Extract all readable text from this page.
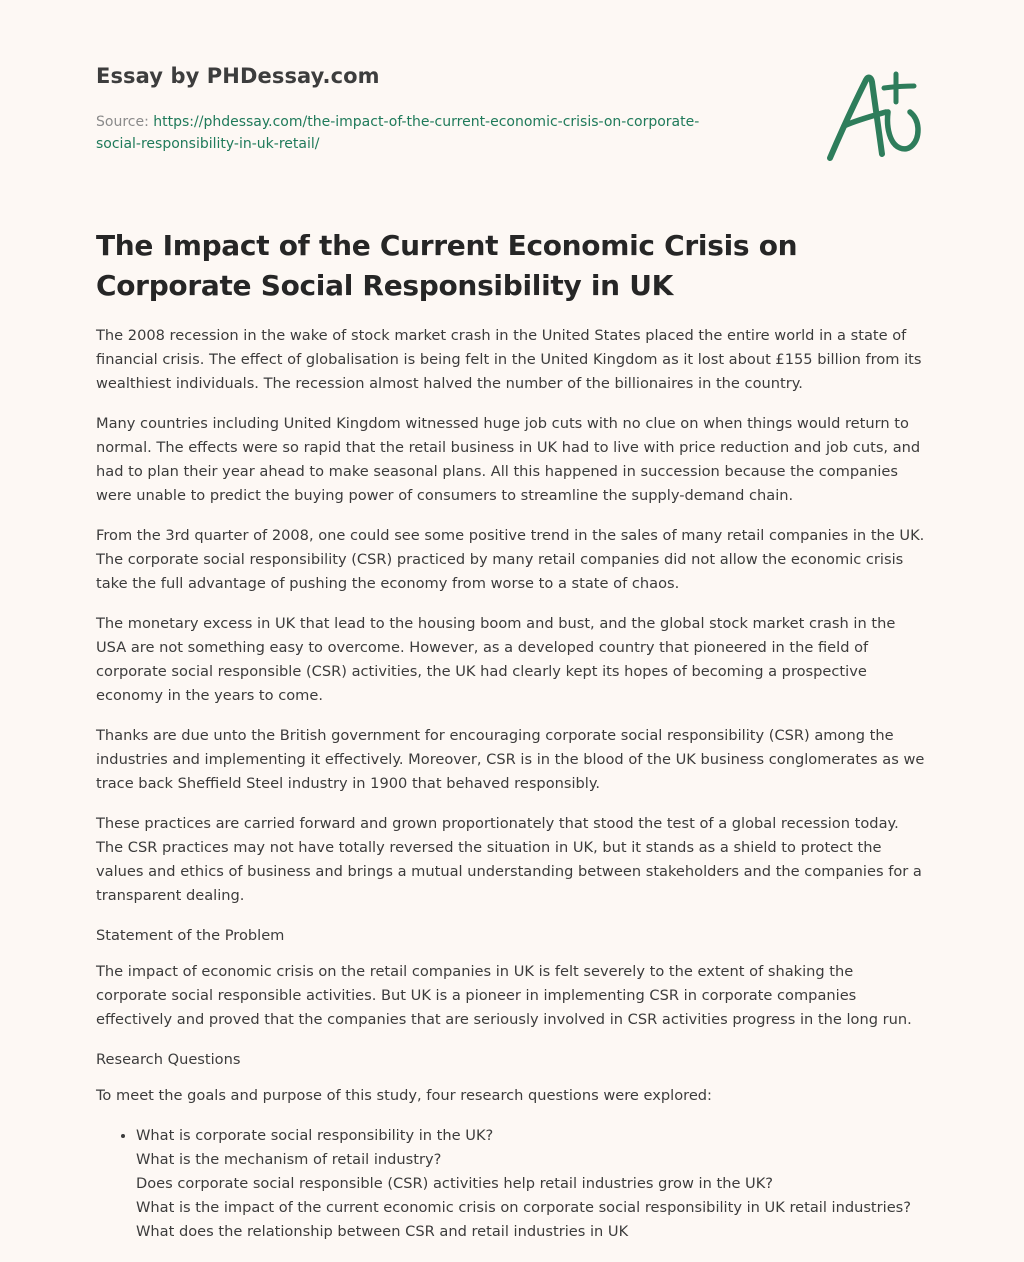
Essay by PHDessay.com

Source: https://phdessay.com/the-impact-of-the-current-economic-crisis-on-corporate-
social-responsibility-in-uk-retail/

The Impact of the Current Economic Crisis on Corporate Social Responsibility in UK

The 2008 recession in the wake of stock market crash in the United States placed the entire world in a state of financial crisis. The effect of globalisation is being felt in the United Kingdom as it lost about £155 billion from its wealthiest individuals. The recession almost halved the number of the billionaires in the country.

Many countries including United Kingdom witnessed huge job cuts with no clue on when things would return to normal. The effects were so rapid that the retail business in UK had to live with price reduction and job cuts, and had to plan their year ahead to make seasonal plans. All this happened in succession because the companies were unable to predict the buying power of consumers to streamline the supply-demand chain.

From the 3rd quarter of 2008, one could see some positive trend in the sales of many retail companies in the UK. The corporate social responsibility (CSR) practiced by many retail companies did not allow the economic crisis take the full advantage of pushing the economy from worse to a state of chaos.

The monetary excess in UK that lead to the housing boom and bust, and the global stock market crash in the USA are not something easy to overcome. However, as a developed country that pioneered in the field of corporate social responsible (CSR) activities, the UK had clearly kept its hopes of becoming a prospective economy in the years to come.

Thanks are due unto the British government for encouraging corporate social responsibility (CSR) among the industries and implementing it effectively. Moreover, CSR is in the blood of the UK business conglomerates as we trace back Sheffield Steel industry in 1900 that behaved responsibly.

These practices are carried forward and grown proportionately that stood the test of a global recession today. The CSR practices may not have totally reversed the situation in UK, but it stands as a shield to protect the values and ethics of business and brings a mutual understanding between stakeholders and the companies for a transparent dealing.

Statement of the Problem

The impact of economic crisis on the retail companies in UK is felt severely to the extent of shaking the corporate social responsible activities. But UK is a pioneer in implementing CSR in corporate companies effectively and proved that the companies that are seriously involved in CSR activities progress in the long run.

Research Questions

To meet the goals and purpose of this study, four research questions were explored:

• What is corporate social responsibility in the UK?
What is the mechanism of retail industry?
Does corporate social responsible (CSR) activities help retail industries grow in the UK?
What is the impact of the current economic crisis on corporate social responsibility in UK retail industries?
What does the relationship between CSR and retail industries in UK
